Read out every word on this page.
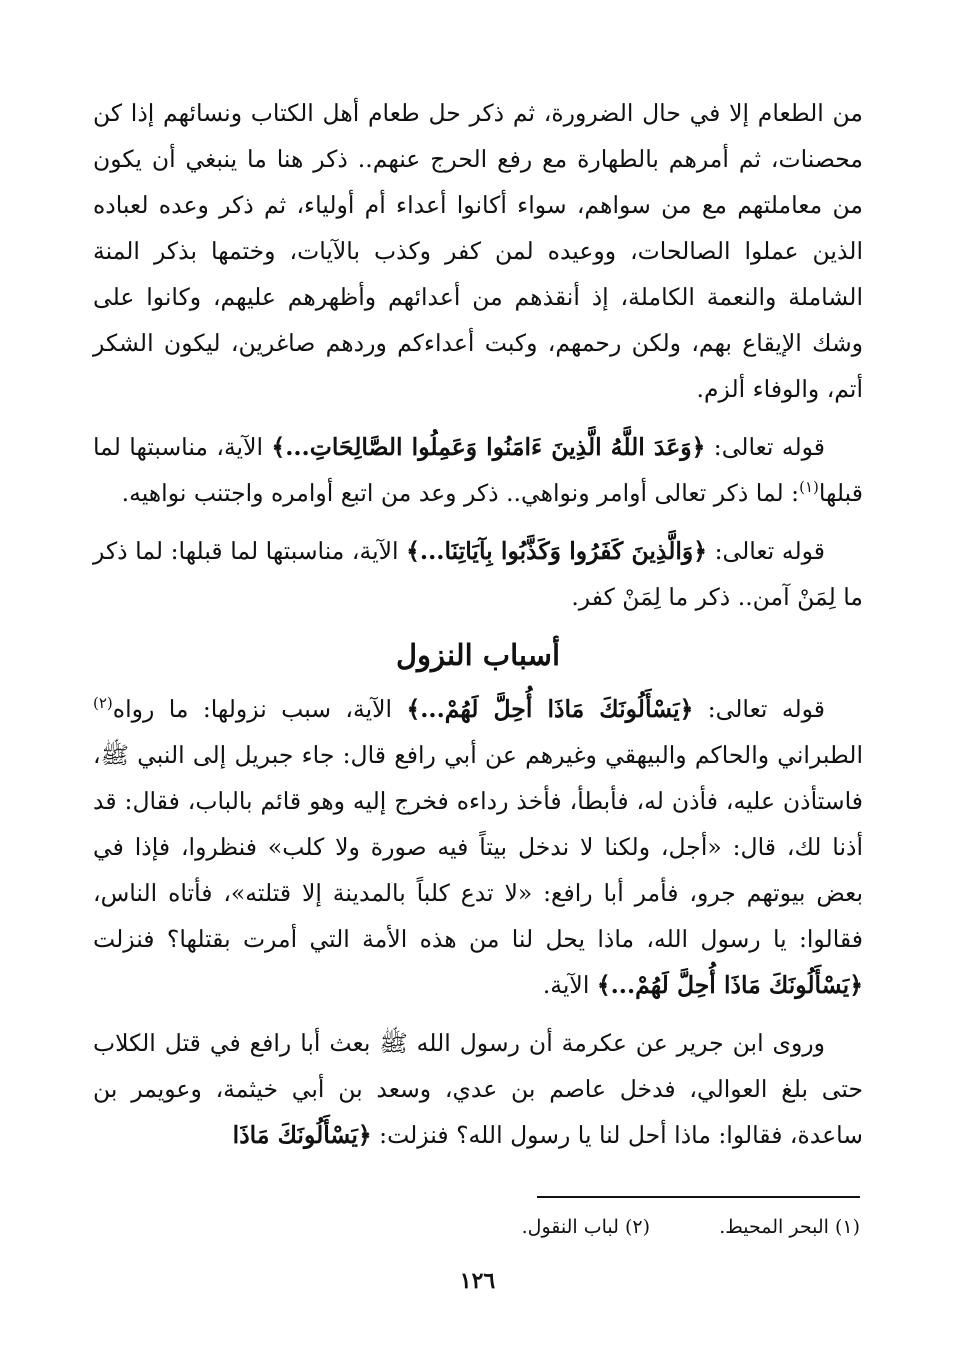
من الطعام إلا في حال الضرورة، ثم ذكر حل طعام أهل الكتاب ونسائهم إذا كن محصنات، ثم أمرهم بالطهارة مع رفع الحرج عنهم.. ذكر هنا ما ينبغي أن يكون من معاملتهم مع من سواهم، سواء أكانوا أعداء أم أولياء، ثم ذكر وعده لعباده الذين عملوا الصالحات، ووعيده لمن كفر وكذب بالآيات، وختمها بذكر المنة الشاملة والنعمة الكاملة، إذ أنقذهم من أعدائهم وأظهرهم عليهم، وكانوا على وشك الإيقاع بهم، ولكن رحمهم، وكبت أعداءكم وردهم صاغرين، ليكون الشكر أتم، والوفاء ألزم.

قوله تعالى: ﴿وَعَدَ اللَّهُ الَّذِينَ ءَامَنُوا وَعَمِلُوا الصَّالِحَاتِ...﴾ الآية، مناسبتها لما قبلها$^{(١)}$: لما ذكر تعالى أوامر ونواهي.. ذكر وعد من اتبع أوامره واجتنب نواهيه.

قوله تعالى: ﴿وَالَّذِينَ كَفَرُوا وَكَذَّبُوا بِآيَاتِنَا...﴾ الآية، مناسبتها لما قبلها: لما ذكر ما لِمَنْ آمن.. ذكر ما لِمَنْ كفر.

أسباب النزول

قوله تعالى: ﴿يَسْأَلُونَكَ مَاذَا أُحِلَّ لَهُمْ...﴾ الآية، سبب نزولها: ما رواه$^{(٢)}$ الطبراني والحاكم والبيهقي وغيرهم عن أبي رافع قال: جاء جبريل إلى النبي ﷺ، فاستأذن عليه، فأذن له، فأبطأ، فأخذ رداءه فخرج إليه وهو قائم بالباب، فقال: قد أذنا لك، قال: «أجل، ولكنا لا ندخل بيتاً فيه صورة ولا كلب» فنظروا، فإذا في بعض بيوتهم جرو، فأمر أبا رافع: «لا تدع كلباً بالمدينة إلا قتلته»، فأتاه الناس، فقالوا: يا رسول الله، ماذا يحل لنا من هذه الأمة التي أمرت بقتلها؟ فنزلت ﴿يَسْأَلُونَكَ مَاذَا أُحِلَّ لَهُمْ...﴾ الآية.

وروى ابن جرير عن عكرمة أن رسول الله ﷺ بعث أبا رافع في قتل الكلاب حتى بلغ العوالي، فدخل عاصم بن عدي، وسعد بن أبي خيثمة، وعويمر بن ساعدة، فقالوا: ماذا أحل لنا يا رسول الله؟ فنزلت: ﴿يَسْأَلُونَكَ مَاذَا

(١) البحر المحيط.
(٢) لباب النقول.
١٢٦
